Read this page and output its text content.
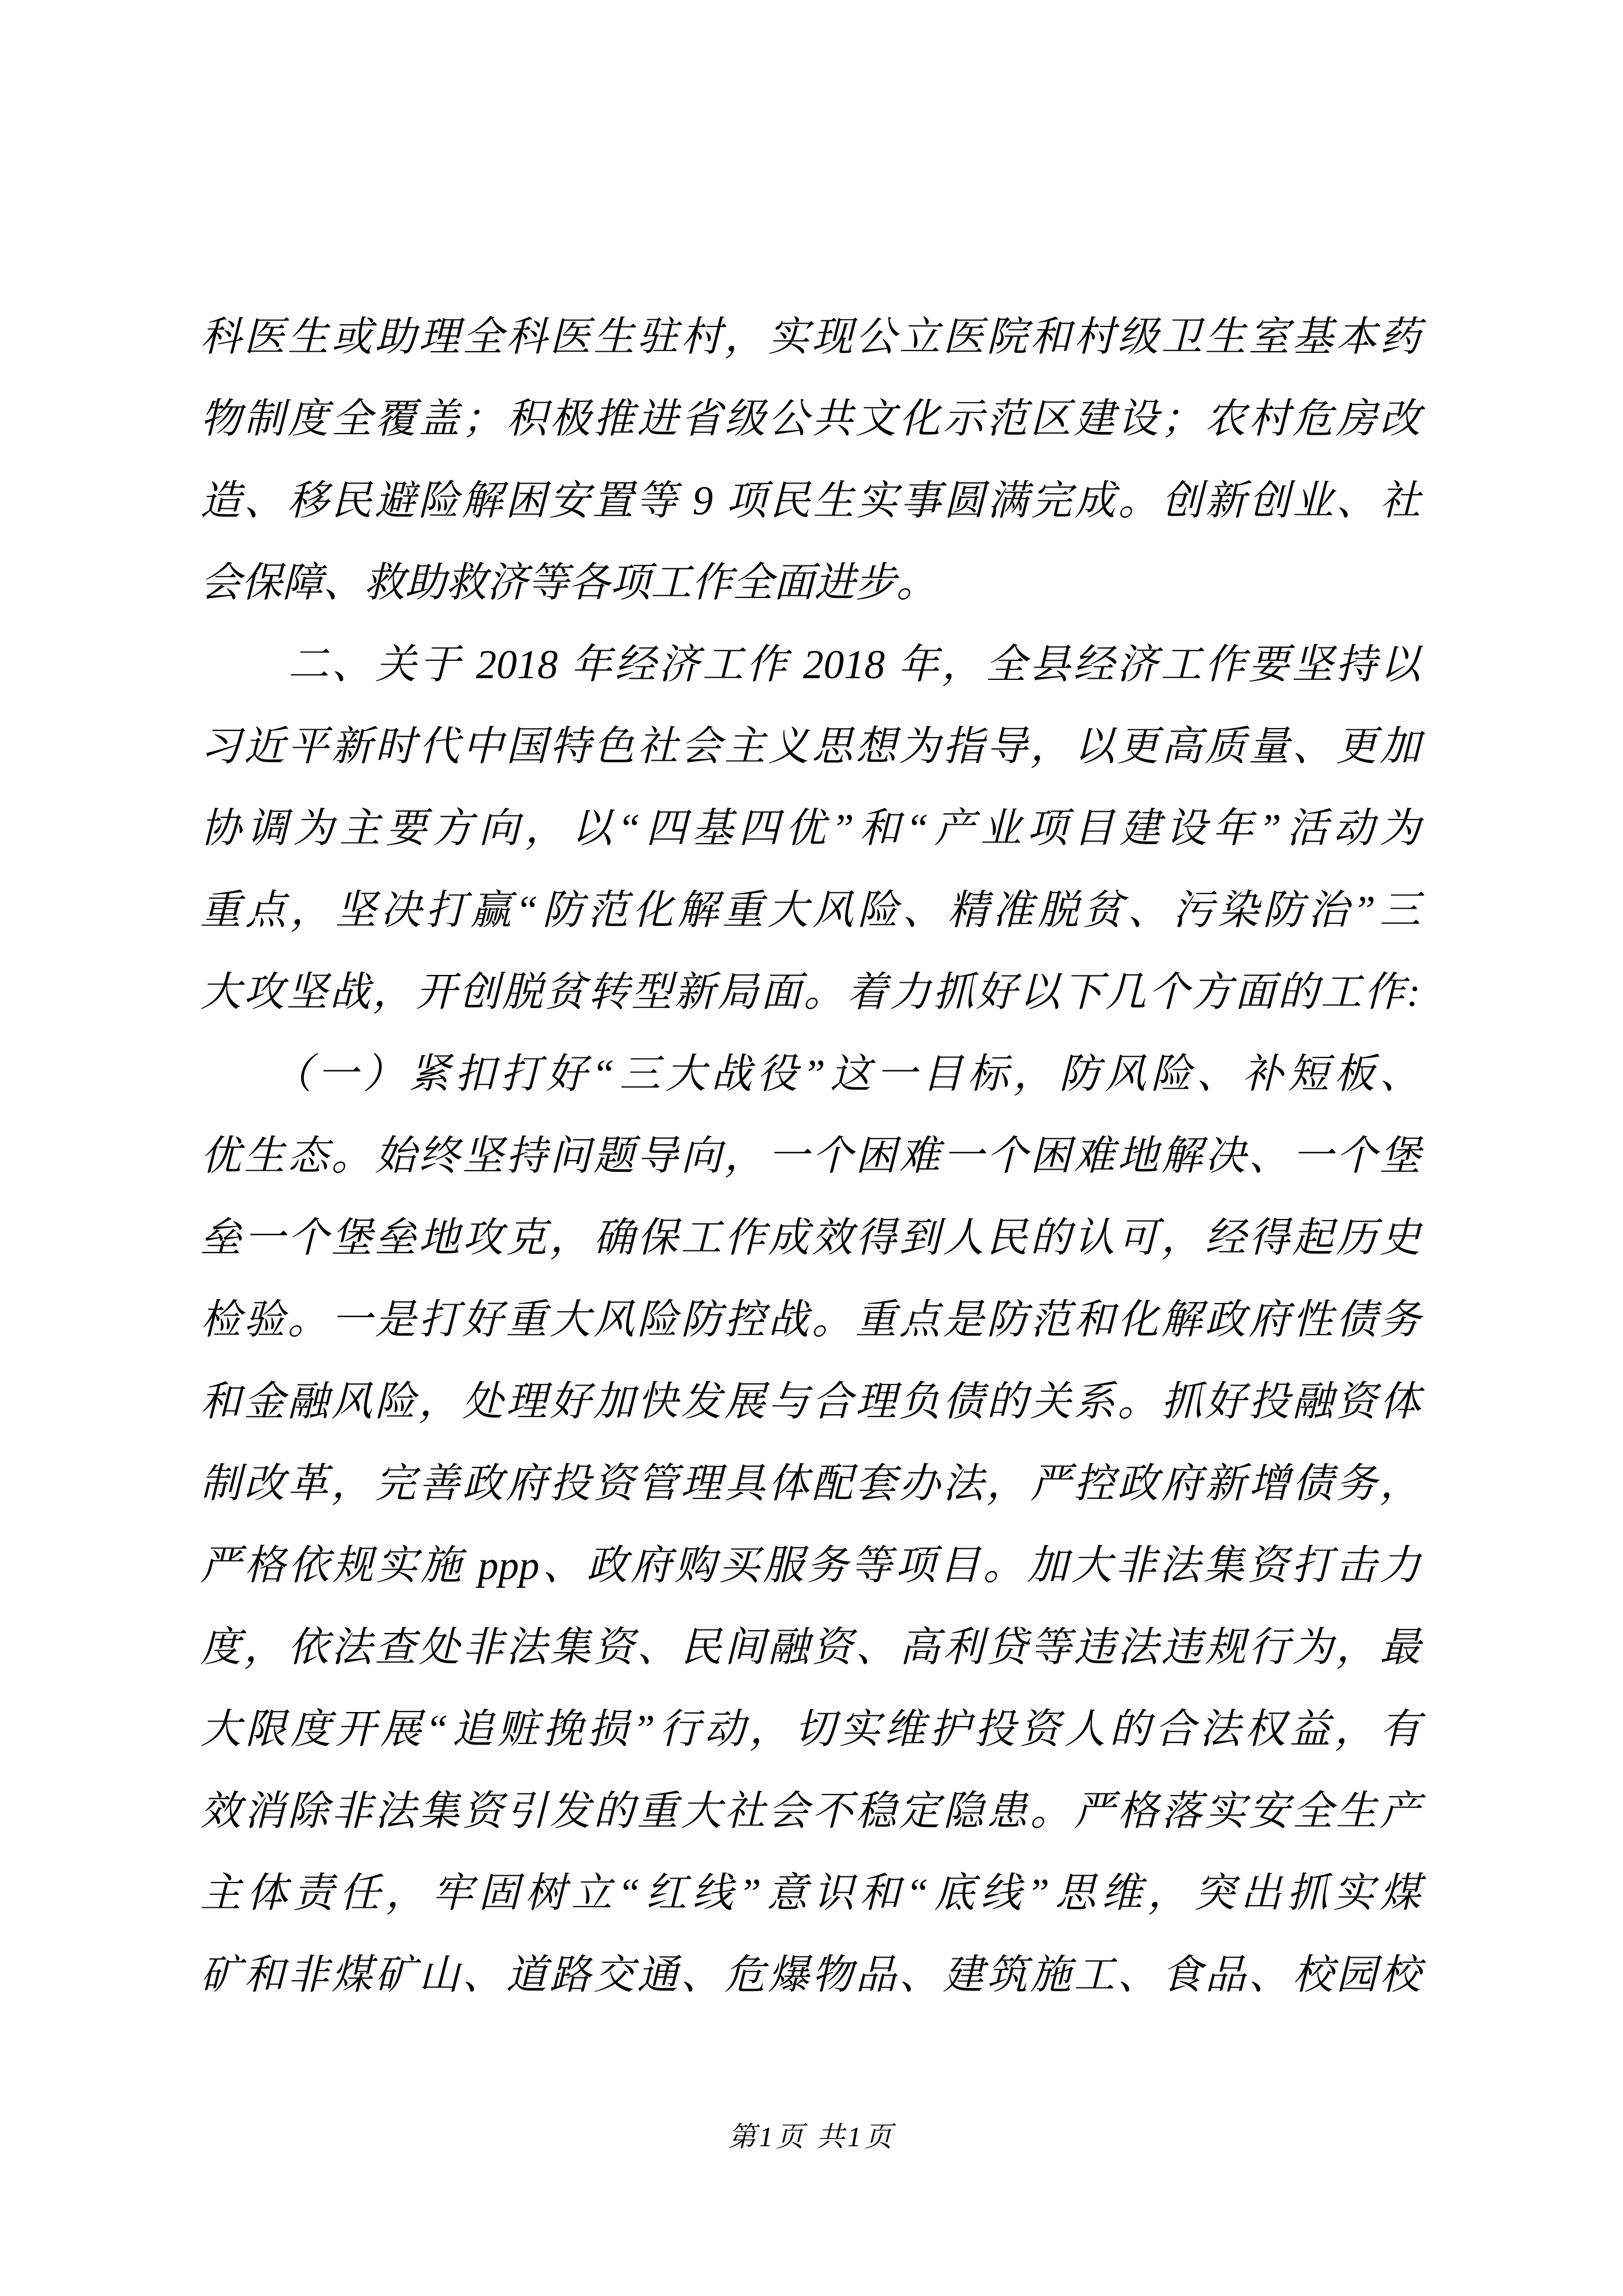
科医生或助理全科医生驻村，实现公立医院和村级卫生室基本药
物制度全覆盖；积极推进省级公共文化示范区建设；农村危房改
造、移民避险解困安置等 9 项民生实事圆满完成。创新创业、社
会保障、救助救济等各项工作全面进步。
　　二、关于 2018 年经济工作 2018 年，全县经济工作要坚持以
习近平新时代中国特色社会主义思想为指导，以更高质量、更加
协调为主要方向，以“四基四优”和“产业项目建设年”活动为
重点，坚决打赢“防范化解重大风险、精准脱贫、污染防治”三
大攻坚战，开创脱贫转型新局面。着力抓好以下几个方面的工作:
　　（一）紧扣打好“三大战役”这一目标，防风险、补短板、
优生态。始终坚持问题导向，一个困难一个困难地解决、一个堡
垒一个堡垒地攻克，确保工作成效得到人民的认可，经得起历史
检验。一是打好重大风险防控战。重点是防范和化解政府性债务
和金融风险，处理好加快发展与合理负债的关系。抓好投融资体
制改革，完善政府投资管理具体配套办法，严控政府新增债务，
严格依规实施 ppp、政府购买服务等项目。加大非法集资打击力
度，依法查处非法集资、民间融资、高利贷等违法违规行为，最
大限度开展“追赃挽损”行动，切实维护投资人的合法权益，有
效消除非法集资引发的重大社会不稳定隐患。严格落实安全生产
主体责任，牢固树立“红线”意识和“底线”思维，突出抓实煤
矿和非煤矿山、道路交通、危爆物品、建筑施工、食品、校园校
第1页 共1页
